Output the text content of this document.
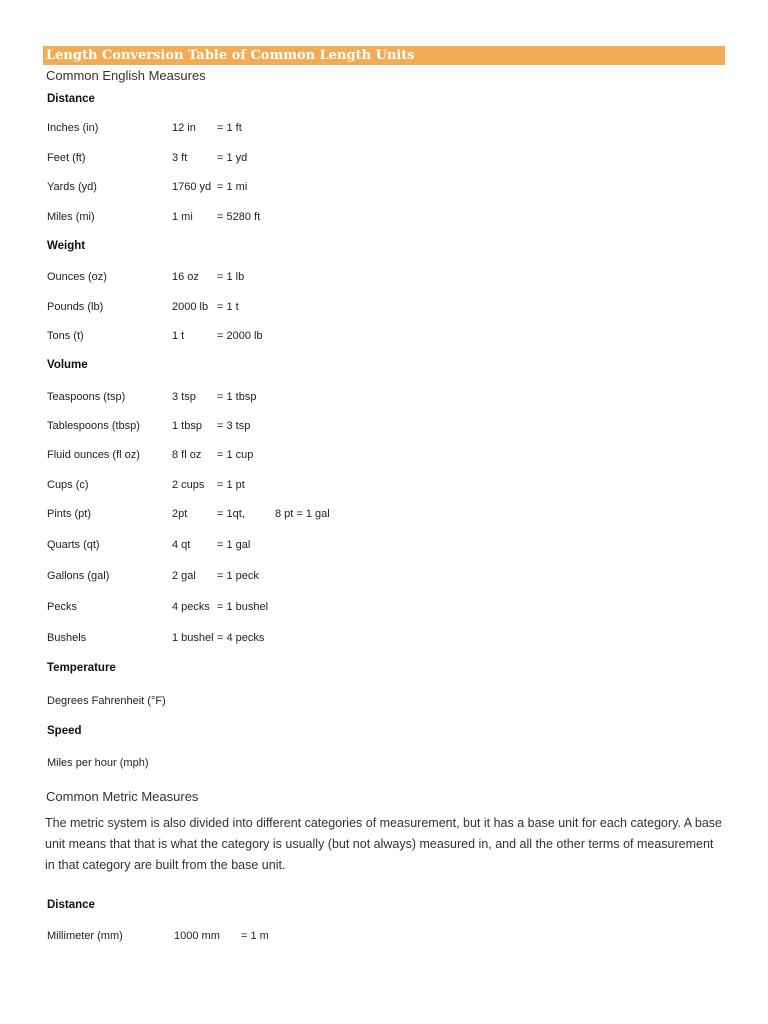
Length Conversion Table of Common Length Units
Common English Measures
Distance
Inches (in)	12 in = 1 ft
Feet (ft)	3 ft	= 1 yd
Yards (yd)	1760 yd = 1 mi
Miles (mi)	1 mi = 5280 ft
Weight
Ounces (oz)	16 oz = 1 lb
Pounds (lb)	2000 lb = 1 t
Tons (t)	1 t	= 2000 lb
Volume
Teaspoons (tsp)	3 tsp = 1 tbsp
Tablespoons (tbsp)	1 tbsp = 3 tsp
Fluid ounces (fl oz)	8 fl oz = 1 cup
Cups (c)	2 cups = 1 pt
Pints (pt)	2pt	= 1qt,	8 pt = 1 gal
Quarts (qt)	4 qt = 1 gal
Gallons (gal)	2 gal = 1 peck
Pecks	4 pecks = 1 bushel
Bushels	1 bushel = 4 pecks
Temperature
Degrees Fahrenheit (°F)
Speed
Miles per hour (mph)
Common Metric Measures
The metric system is also divided into different categories of measurement, but it has a base unit for each category. A base unit means that that is what the category is usually (but not always) measured in, and all the other terms of measurement in that category are built from the base unit.
Distance
Millimeter (mm)	1000 mm = 1 m
